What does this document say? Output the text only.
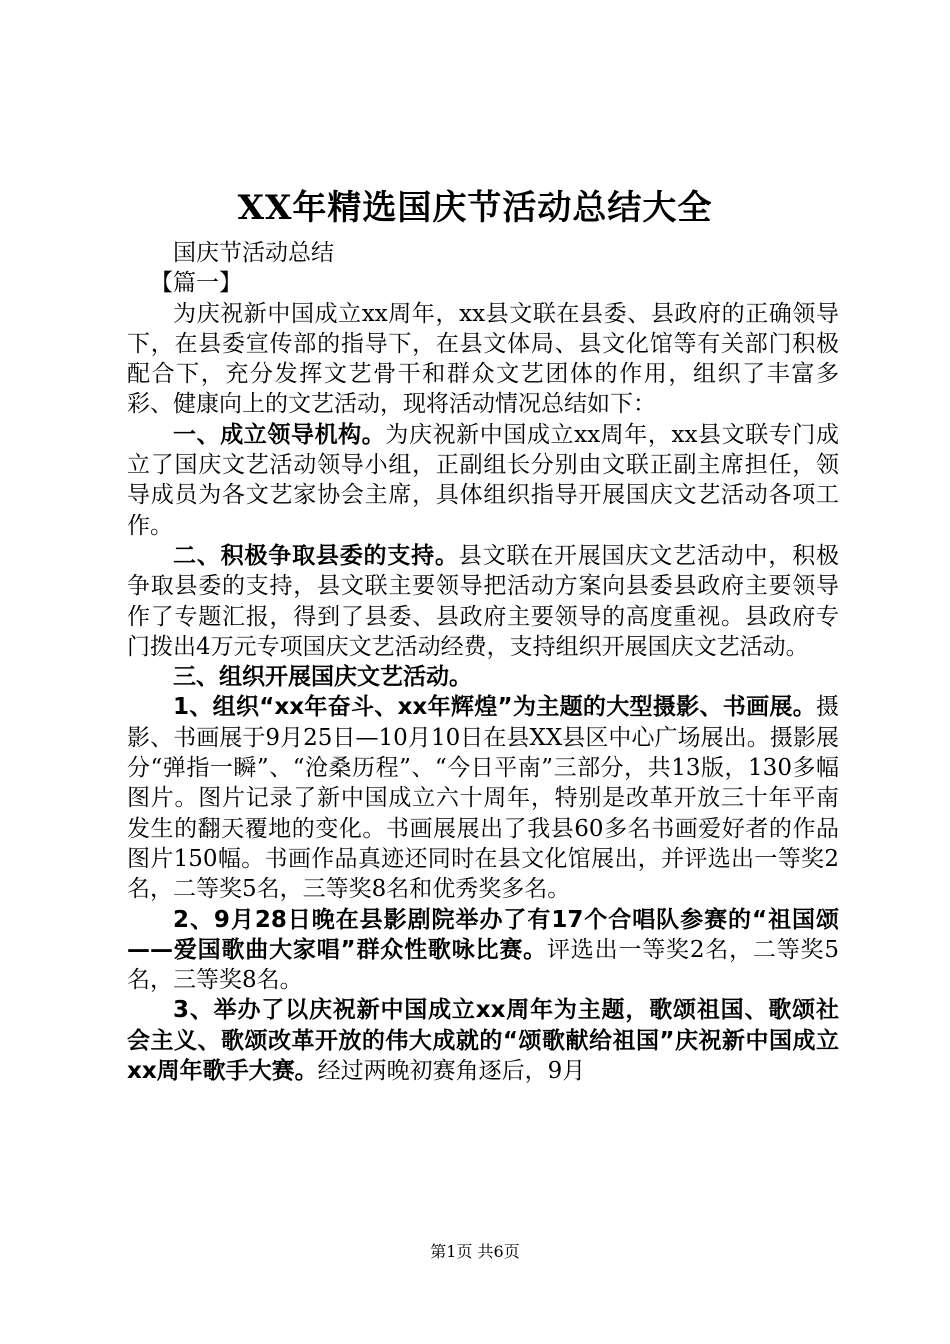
XX年精选国庆节活动总结大全

国庆节活动总结

【篇一】

为庆祝新中国成立xx周年，xx县文联在县委、县政府的正确领导下，在县委宣传部的指导下，在县文体局、县文化馆等有关部门积极配合下，充分发挥文艺骨干和群众文艺团体的作用，组织了丰富多彩、健康向上的文艺活动，现将活动情况总结如下：

一、成立领导机构。为庆祝新中国成立xx周年，xx县文联专门成立了国庆文艺活动领导小组，正副组长分别由文联正副主席担任，领导成员为各文艺家协会主席，具体组织指导开展国庆文艺活动各项工作。

二、积极争取县委的支持。县文联在开展国庆文艺活动中，积极争取县委的支持，县文联主要领导把活动方案向县委县政府主要领导作了专题汇报，得到了县委、县政府主要领导的高度重视。县政府专门拨出4万元专项国庆文艺活动经费，支持组织开展国庆文艺活动。

三、组织开展国庆文艺活动。

1、组织“xx年奋斗、xx年辉煌”为主题的大型摄影、书画展。摄影、书画展于9月25日—10月10日在县XX县区中心广场展出。摄影展分“弹指一瞬”、“沧桑历程”、“今日平南”三部分，共13版，130多幅图片。图片记录了新中国成立六十周年，特别是改革开放三十年平南发生的翻天覆地的变化。书画展展出了我县60多名书画爱好者的作品图片150幅。书画作品真迹还同时在县文化馆展出，并评选出一等奖2名，二等奖5名，三等奖8名和优秀奖多名。

2、9月28日晚在县影剧院举办了有17个合唱队参赛的“祖国颂——爱国歌曲大家唱”群众性歌咏比赛。评选出一等奖2名，二等奖5名，三等奖8名。

3、举办了以庆祝新中国成立xx周年为主题，歌颂祖国、歌颂社会主义、歌颂改革开放的伟大成就的“颂歌献给祖国”庆祝新中国成立xx周年歌手大赛。经过两晚初赛角逐后，9月

第1页 共6页
